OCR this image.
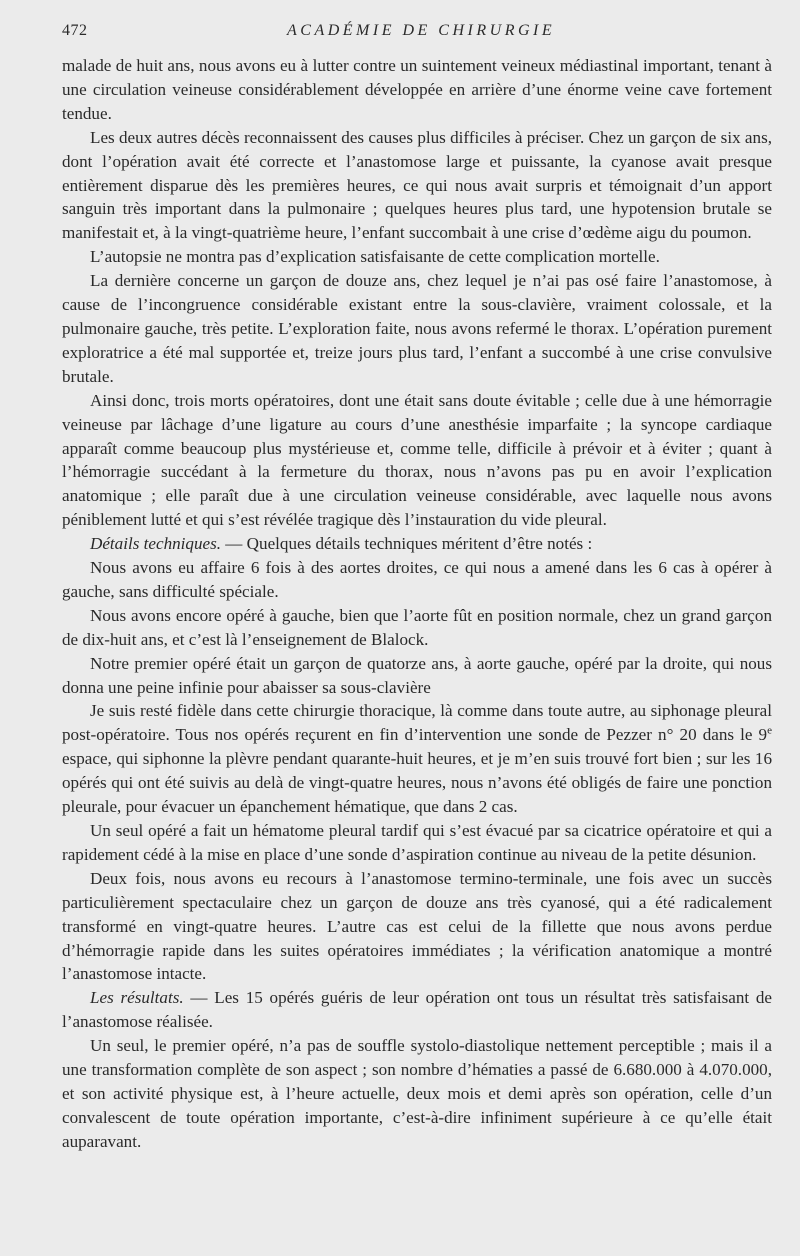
472	ACADÉMIE DE CHIRURGIE

malade de huit ans, nous avons eu à lutter contre un suintement veineux médiastinal important, tenant à une circulation veineuse considérablement développée en arrière d’une énorme veine cave fortement tendue.

Les deux autres décès reconnaissent des causes plus difficiles à préciser. Chez un garçon de six ans, dont l’opération avait été correcte et l’anastomose large et puissante, la cyanose avait presque entièrement disparue dès les premières heures, ce qui nous avait surpris et témoignait d’un apport sanguin très important dans la pulmonaire ; quelques heures plus tard, une hypotension brutale se manifestait et, à la vingt-quatrième heure, l’enfant succombait à une crise d’œdème aigu du poumon.

L’autopsie ne montra pas d’explication satisfaisante de cette complication mortelle.

La dernière concerne un garçon de douze ans, chez lequel je n’ai pas osé faire l’anastomose, à cause de l’incongruence considérable existant entre la sous-clavière, vraiment colossale, et la pulmonaire gauche, très petite. L’exploration faite, nous avons refermé le thorax. L’opération purement exploratrice a été mal supportée et, treize jours plus tard, l’enfant a succombé à une crise convulsive brutale.

Ainsi donc, trois morts opératoires, dont une était sans doute évitable ; celle due à une hémorragie veineuse par lâchage d’une ligature au cours d’une anesthésie imparfaite ; la syncope cardiaque apparaît comme beaucoup plus mystérieuse et, comme telle, difficile à prévoir et à éviter ; quant à l’hémorragie succédant à la fermeture du thorax, nous n’avons pas pu en avoir l’explication anatomique ; elle paraît due à une circulation veineuse considérable, avec laquelle nous avons péniblement lutté et qui s’est révélée tragique dès l’instauration du vide pleural.

Détails techniques. — Quelques détails techniques méritent d’être notés :

Nous avons eu affaire 6 fois à des aortes droites, ce qui nous a amené dans les 6 cas à opérer à gauche, sans difficulté spéciale.

Nous avons encore opéré à gauche, bien que l’aorte fût en position normale, chez un grand garçon de dix-huit ans, et c’est là l’enseignement de Blalock.

Notre premier opéré était un garçon de quatorze ans, à aorte gauche, opéré par la droite, qui nous donna une peine infinie pour abaisser sa sous-clavière

Je suis resté fidèle dans cette chirurgie thoracique, là comme dans toute autre, au siphonage pleural post-opératoire. Tous nos opérés reçurent en fin d’intervention une sonde de Pezzer n° 20 dans le 9e espace, qui siphonne la plèvre pendant quarante-huit heures, et je m’en suis trouvé fort bien ; sur les 16 opérés qui ont été suivis au delà de vingt-quatre heures, nous n’avons été obligés de faire une ponction pleurale, pour évacuer un épanchement hématique, que dans 2 cas.

Un seul opéré a fait un hématome pleural tardif qui s’est évacué par sa cicatrice opératoire et qui a rapidement cédé à la mise en place d’une sonde d’aspiration continue au niveau de la petite désunion.

Deux fois, nous avons eu recours à l’anastomose termino-terminale, une fois avec un succès particulièrement spectaculaire chez un garçon de douze ans très cyanosé, qui a été radicalement transformé en vingt-quatre heures. L’autre cas est celui de la fillette que nous avons perdue d’hémorragie rapide dans les suites opératoires immédiates ; la vérification anatomique a montré l’anastomose intacte.

Les résultats. — Les 15 opérés guéris de leur opération ont tous un résultat très satisfaisant de l’anastomose réalisée.

Un seul, le premier opéré, n’a pas de souffle systolo-diastolique nettement perceptible ; mais il a une transformation complète de son aspect ; son nombre d’hématies a passé de 6.680.000 à 4.070.000, et son activité physique est, à l’heure actuelle, deux mois et demi après son opération, celle d’un convalescent de toute opération importante, c’est-à-dire infiniment supérieure à ce qu’elle était auparavant.
